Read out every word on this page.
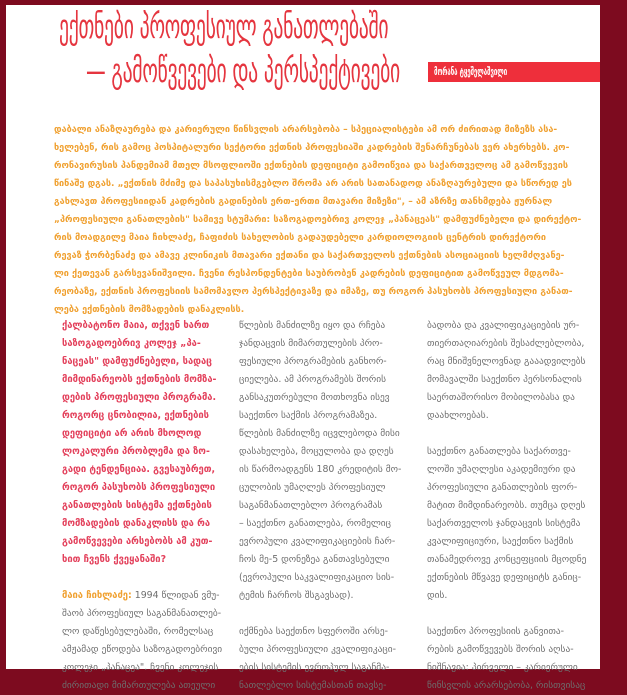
ექთნები პროფესიულ განათლებაში
— გამოწვევები და პერსპექტივები	მორანა ტყეშელაშვილი
დაბალი ანაზღაურება და კარიერული წინსვლის არარსებობა – სპეციალისტები ამ ორ ძირითად მიზეზს ასა-
ხელებენ, რის გამოც ჰოსპიტალური სექტორი ექთნის პროფესიაში კადრების შენარჩუნებას ვერ ახერხებს. კო-
რონავირუსის პანდემიამ მთელ მსოფლიოში ექთნების დეფიციტი გამოიწვია და საქართველოც ამ გამოწვევის
წინაშე დგას. „ექთნის მძიმე და საპასუხისმგებლო შრომა არ არის სათანადოდ ანაზღაურებული და სწორედ ეს
გახლავთ პროფესიიდან კადრების გადინების ერთ-ერთი მთავარი მიზეზი", – ამ აზრზე თანხმდება ჟურნალ
„პროფესიული განათლების" სამივე სტუმარი: საზოგადოებრივ კოლეჯ „პანაცეას" დამფუძნებელი და დირექტო-
რის მოადგილე მაია ჩიხლაძე, ჩაფიძის სახელობის გადაუდებელი კარდიოლოგიის ცენტრის დირექტორი
რევაზ ჭორბენაძე და ამავე კლინიკის მთავარი ექთანი და საქართველოს ექთნების ასოციაციის ხელმძღვანე-
ლი ქეთევან გარსევანიშვილი. ჩვენი რესპონდენტები საუბრობენ კადრების დეფიციტით გამოწვეულ მდგომა-
რეობაზე, ექთნის პროფესიის სამომავლო პერსპექტივაზე და იმაზე, თუ როგორ პასუხობს პროფესიული განათ-
ლება ექთნების მომზადების დანაკლისს.
ქალბატონო მაია, თქვენ ხართ
საზოგადოებრივ კოლეჯ „პა-
ნაცეას" დამფუძნებელი, სადაც
მიმდინარეობს ექთნების მომზა-
დების პროფესიული პროგრამა.
როგორც ცნობილია, ექთნების
დეფიციტი არ არის მხოლოდ
ლოკალური პრობლემა და ზო-
გადი ტენდენციაა. გვესაუბრეთ,
როგორ პასუხობს პროფესიული
განათლების სისტემა ექთნების
მომზადების დანაკლისს და რა
გამოწვევები არსებობს ამ კუთ-
ხით ჩვენს ქვეყანაში?
მაია ჩიხლაძე: 1994 წლიდან ვმუ-
შაობ პროფესიულ საგანმანათლებ-
ლო დაწესებულებაში, რომელსაც
ამჟამად ეწოდება საზოგადოებრივი
კოლეჯი „პანაცეა". ჩვენი კოლეჯის
ძირითადი მიმართულება ათეული
წლების მანძილზე იყო და რჩება
ჯანდაცვის მიმართულების პრო-
ფესიული პროგრამების განხორ-
ციელება. ამ პროგრამებს შორის
განსაკუთრებული მოთხოვნა ისევ
საექთნო საქმის პროგრამაზეა.
წლების მანძილზე იცვლებოდა მისი
დასახელება, მოცულობა და დღეს
ის წარმოადგენს 180 კრედიტის მო-
ცულობის უმაღლეს პროფესიულ
საგანმანათლებლო პროგრამას
– საექთნო განათლება, რომელიც
ევროპული კვალიფიკაციების ჩარ-
ჩოს მე-5 დონეზეა განთავსებული
(ევროპული საკვალიფიკაციო სის-
ტემის ჩარჩოს შსგავსად).
იქმნება საექთნო სფეროში არსე-
ბული პროფესიული კვალიფიკაცი-
ების სისტემის ევროპულ საგანმა-
ნათლებლო სისტემასთან თავსე-
ბადობა და კვალიფიკაციების ურ-
თიერთაღიარების შესაძლებლობა,
რაც მნიშვნელოვნად გააადვილებს
მომავალში საექთნო პერსონალის
საერთაშორისო მობილობასა და
დაახლოებას.
საექთნო განათლება საქართვე-
ლოში უმაღლესი აკადემიური და
პროფესიული განათლების ფორ-
მატით მიმდინარეობს. თუმცა დღეს
საქართველოს ჯანდაცვის სისტემა
კვალიფიციური, საექთნო საქმის
თანამედროვე კონცეფციის მცოდნე
ექთნების მწვავე დეფიციტს განიც-
დის.
საექთნო პროფესიის განვითა-
რების გამოწვევებს შორის აღსა-
ნიშნავია: პირველი – კარიერული
წინსვლის არარსებობა, რისთვისაც
